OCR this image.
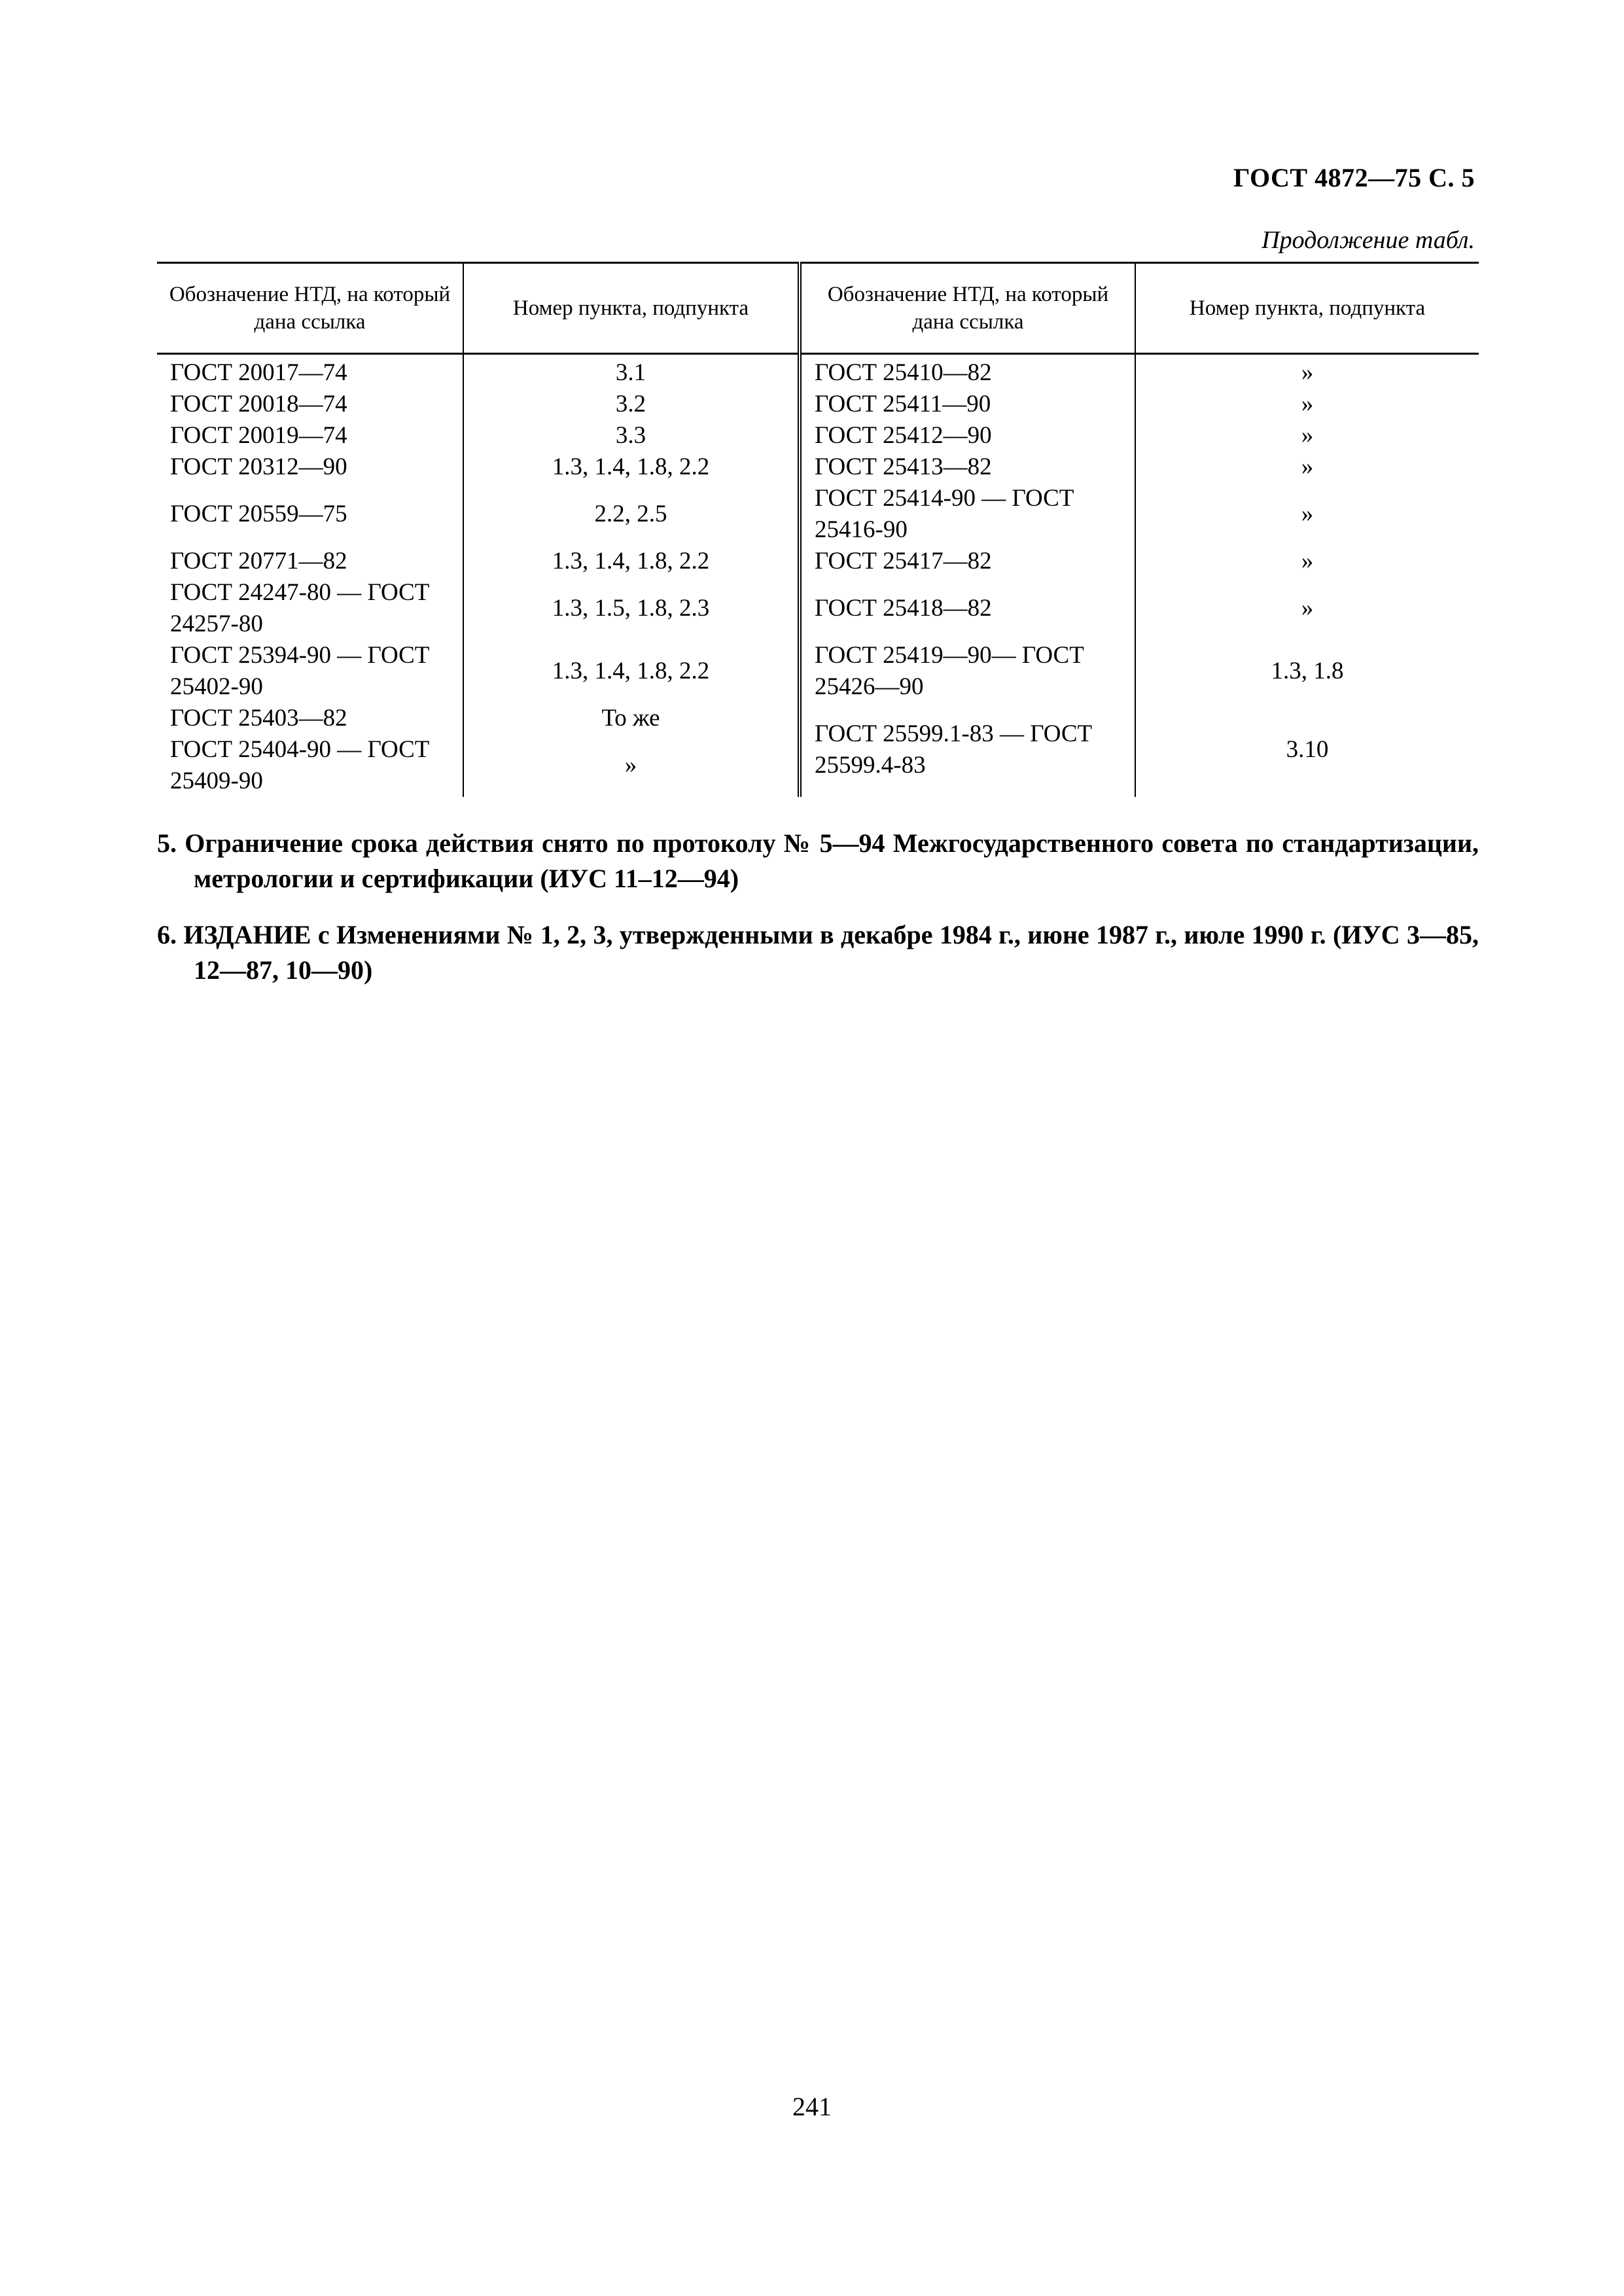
ГОСТ 4872—75 С. 5
Продолжение табл.
Обозначение НТД, на который дана ссылка	Номер пункта, подпункта	Обозначение НТД, на который дана ссылка	Номер пункта, подпункта
ГОСТ 20017—74	3.1	ГОСТ 25410—82	»
ГОСТ 20018—74	3.2	ГОСТ 25411—90	»
ГОСТ 20019—74	3.3	ГОСТ 25412—90	»
ГОСТ 20312—90	1.3, 1.4, 1.8, 2.2	ГОСТ 25413—82	»
ГОСТ 20559—75	2.2, 2.5	ГОСТ 25414-90 — ГОСТ 25416-90	»
ГОСТ 20771—82	1.3, 1.4, 1.8, 2.2	ГОСТ 25417—82	»
ГОСТ 24247-80 — ГОСТ 24257-80	1.3, 1.5, 1.8, 2.3	ГОСТ 25418—82	»
ГОСТ 25394-90 — ГОСТ 25402-90	1.3, 1.4, 1.8, 2.2	ГОСТ 25419—90— ГОСТ 25426—90	1.3, 1.8
ГОСТ 25403—82	То же	ГОСТ 25599.1-83 — ГОСТ 25599.4-83	3.10
ГОСТ 25404-90 — ГОСТ 25409-90	»		
5. Ограничение срока действия снято по протоколу № 5—94 Межгосударственного совета по стандартизации, метрологии и сертификации (ИУС 11–12—94)
6. ИЗДАНИЕ с Изменениями № 1, 2, 3, утвержденными в декабре 1984 г., июне 1987 г., июле 1990 г. (ИУС 3—85, 12—87, 10—90)
241
